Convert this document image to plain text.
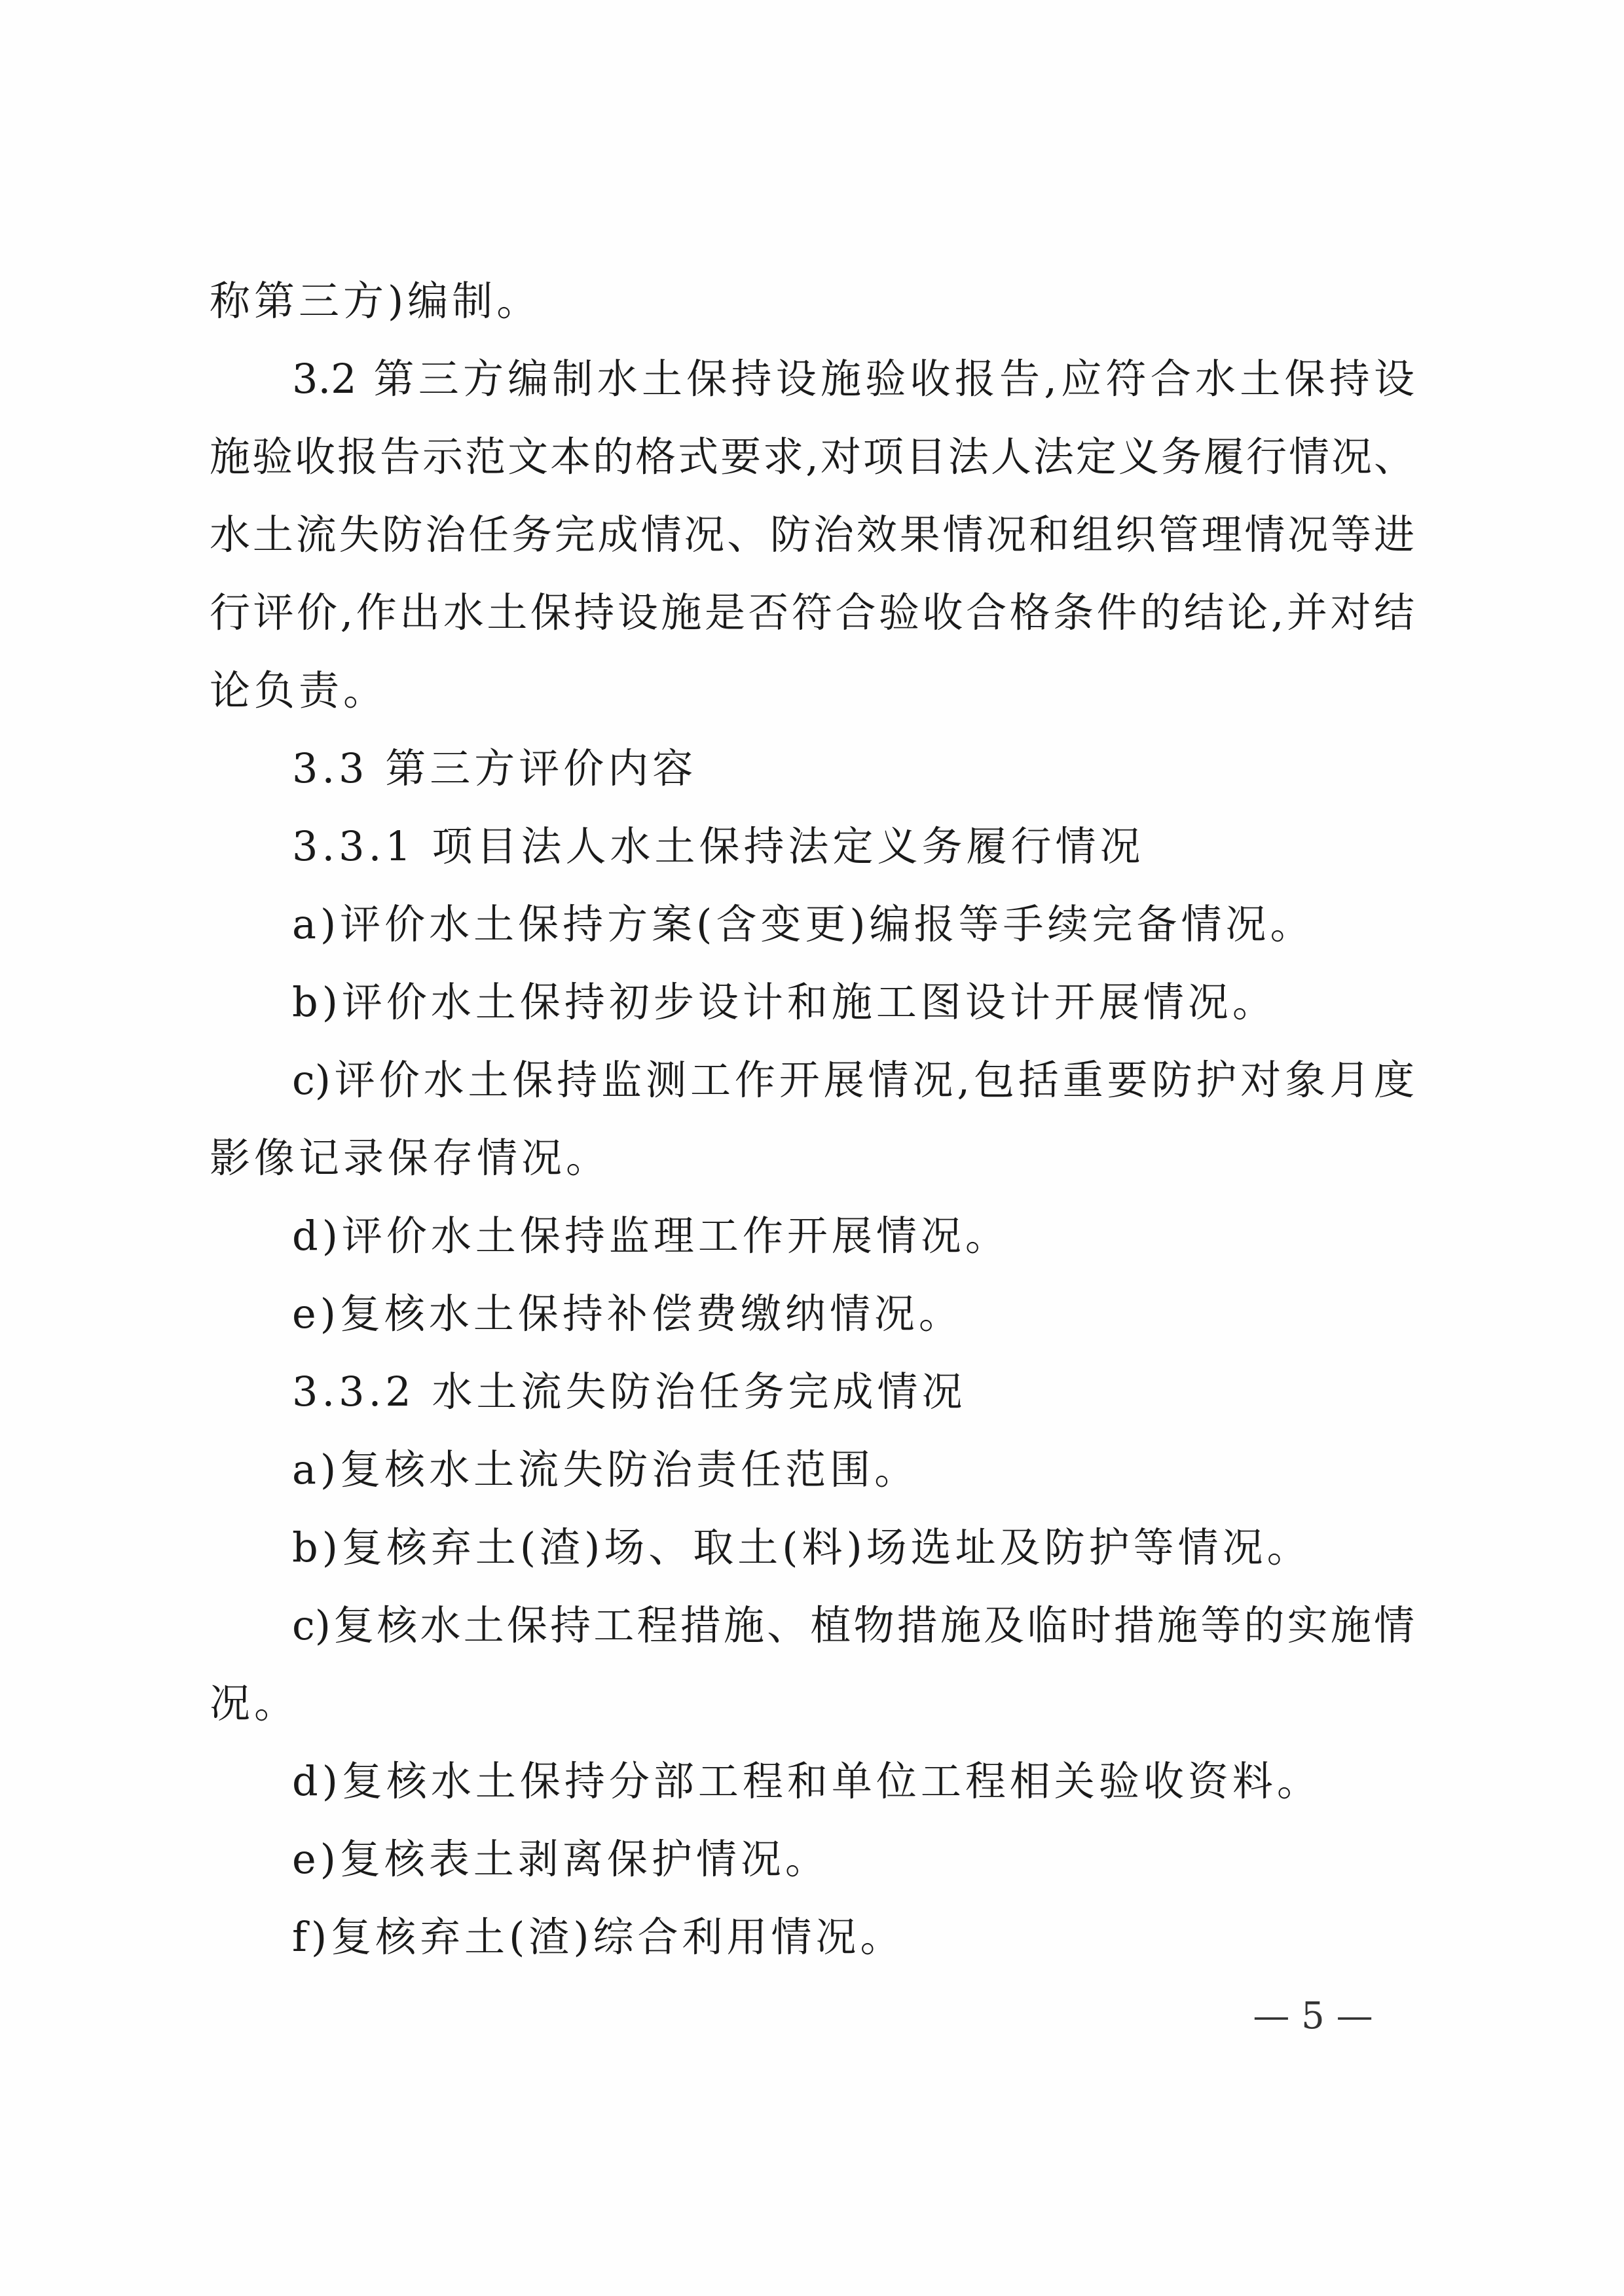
称第三方)编制。
3.2 第三方编制水土保持设施验收报告,应符合水土保持设
施验收报告示范文本的格式要求,对项目法人法定义务履行情况、
水土流失防治任务完成情况、防治效果情况和组织管理情况等进
行评价,作出水土保持设施是否符合验收合格条件的结论,并对结
论负责。
3.3 第三方评价内容
3.3.1 项目法人水土保持法定义务履行情况
a)评价水土保持方案(含变更)编报等手续完备情况。
b)评价水土保持初步设计和施工图设计开展情况。
c)评价水土保持监测工作开展情况,包括重要防护对象月度
影像记录保存情况。
d)评价水土保持监理工作开展情况。
e)复核水土保持补偿费缴纳情况。
3.3.2 水土流失防治任务完成情况
a)复核水土流失防治责任范围。
b)复核弃土(渣)场、取土(料)场选址及防护等情况。
c)复核水土保持工程措施、植物措施及临时措施等的实施情
况。
d)复核水土保持分部工程和单位工程相关验收资料。
e)复核表土剥离保护情况。
f)复核弃土(渣)综合利用情况。
— 5 —
